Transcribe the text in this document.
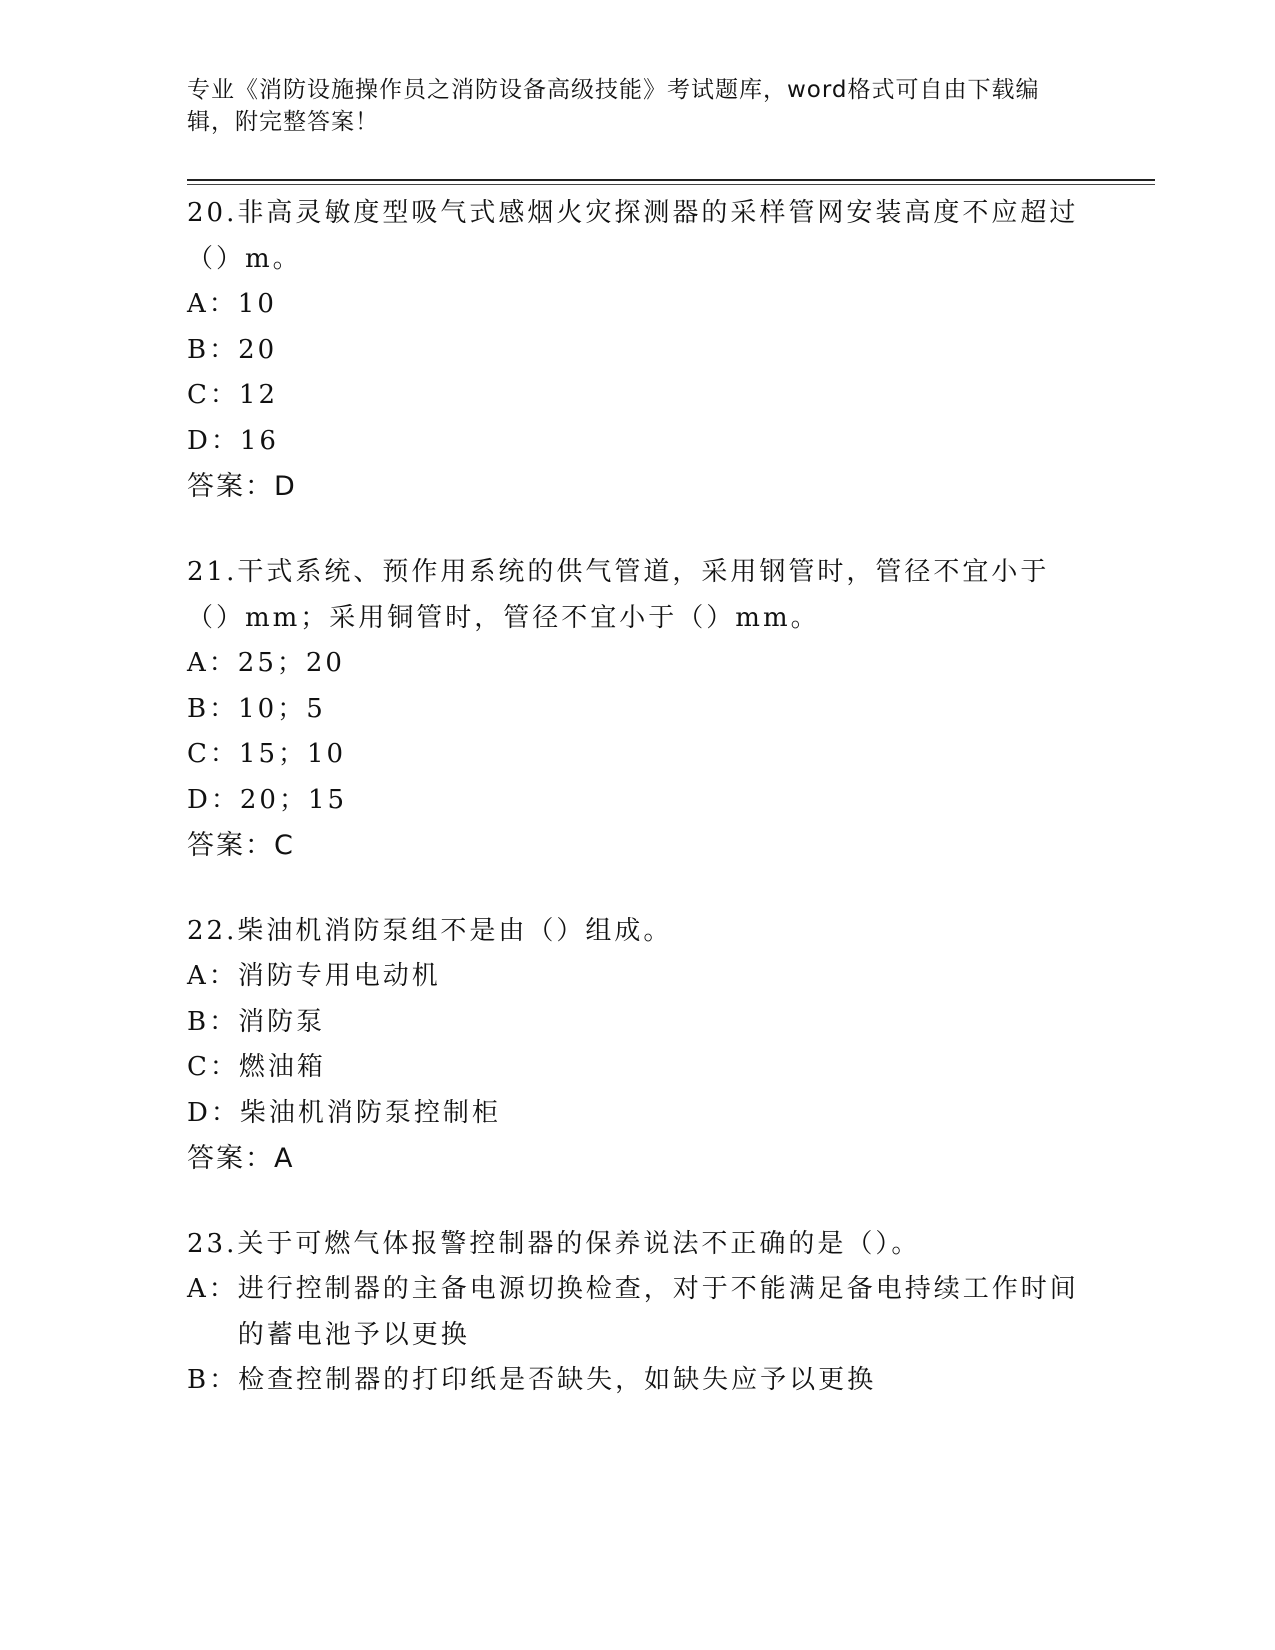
专业《消防设施操作员之消防设备高级技能》考试题库，word格式可自由下载编辑，附完整答案！
20.非高灵敏度型吸气式感烟火灾探测器的采样管网安装高度不应超过（）m。
A： 10
B： 20
C： 12
D： 16
答案：D
21.干式系统、预作用系统的供气管道，采用钢管时，管径不宜小于（）mm；采用铜管时，管径不宜小于（）mm。
A： 25；20
B： 10；5
C： 15；10
D： 20；15
答案：C
22.柴油机消防泵组不是由（）组成。
A： 消防专用电动机
B： 消防泵
C： 燃油箱
D： 柴油机消防泵控制柜
答案：A
23.关于可燃气体报警控制器的保养说法不正确的是（）。
A： 进行控制器的主备电源切换检查，对于不能满足备电持续工作时间的蓄电池予以更换
B： 检查控制器的打印纸是否缺失，如缺失应予以更换
